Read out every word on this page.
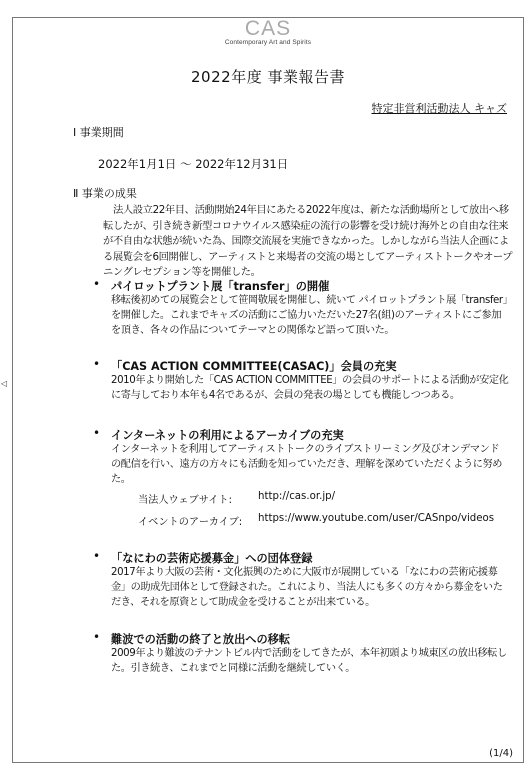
CAS
Contemporary Art and Spirits
2022年度 事業報告書
特定非営利活動法人 キャズ
Ⅰ 事業期間
2022年1月1日 ～ 2022年12月31日
Ⅱ 事業の成果
法人設立22年目、活動開始24年目にあたる2022年度は、新たな活動場所として放出へ移転したが、引き続き新型コロナウイルス感染症の流行の影響を受け続け海外との自由な往来が不自由な状態が続いた為、国際交流展を実施できなかった。しかしながら当法人企画による展覧会を6回開催し、アーティストと来場者の交流の場としてアーティストトークやオープニングレセプション等を開催した。
• パイロットプラント展「transfer」の開催
移転後初めての展覧会として笹岡敬展を開催し、続いて パイロットプラント展「transfer」を開催した。これまでキャズの活動にご協力いただいた27名(組)のアーティストにご参加を頂き、各々の作品についてテーマとの関係など語って頂いた。
• 「CAS ACTION COMMITTEE(CASAC)」会員の充実
2010年より開始した「CAS ACTION COMMITTEE」の会員のサポートによる活動が安定化に寄与しており本年も4名であるが、会員の発表の場としても機能しつつある。
• インターネットの利用によるアーカイブの充実
インターネットを利用してアーティストトークのライブストリーミング及びオンデマンドの配信を行い、遠方の方々にも活動を知っていただき、理解を深めていただくように努めた。
当法人ウェブサイト:	http://cas.or.jp/
イベントのアーカイブ: https://www.youtube.com/user/CASnpo/videos
• 「なにわの芸術応援募金」への団体登録
2017年より大阪の芸術・文化振興のために大阪市が展開している「なにわの芸術応援募金」の助成先団体として登録された。これにより、当法人にも多くの方々から募金をいただき、それを原資として助成金を受けることが出来ている。
• 難波での活動の終了と放出への移転
2009年より難波のテナントビル内で活動をしてきたが、本年初頭より城東区の放出移転した。引き続き、これまでと同様に活動を継続していく。
(1/4)
◁
